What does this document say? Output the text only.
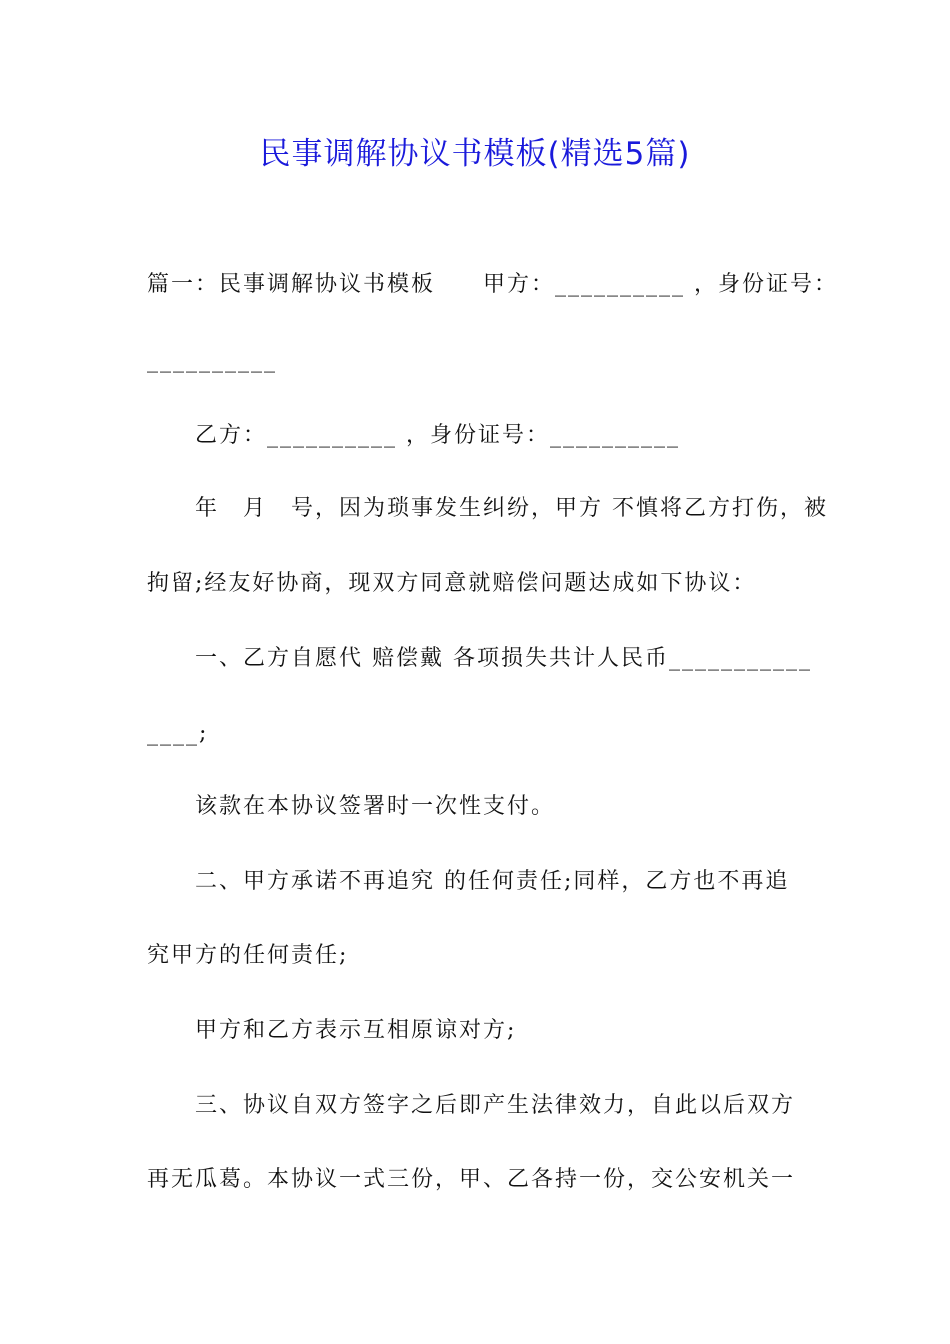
民事调解协议书模板(精选5篇)
篇一：民事调解协议书模板　　甲方：__________ ，身份证号：
__________
乙方：__________ ，身份证号：__________
年　月　号，因为琐事发生纠纷，甲方 不慎将乙方打伤，被
拘留;经友好协商，现双方同意就赔偿问题达成如下协议：
一、乙方自愿代 赔偿戴 各项损失共计人民币___________
____;
该款在本协议签署时一次性支付。
二、甲方承诺不再追究 的任何责任;同样，乙方也不再追
究甲方的任何责任;
甲方和乙方表示互相原谅对方;
三、协议自双方签字之后即产生法律效力，自此以后双方
再无瓜葛。本协议一式三份，甲、乙各持一份，交公安机关一
